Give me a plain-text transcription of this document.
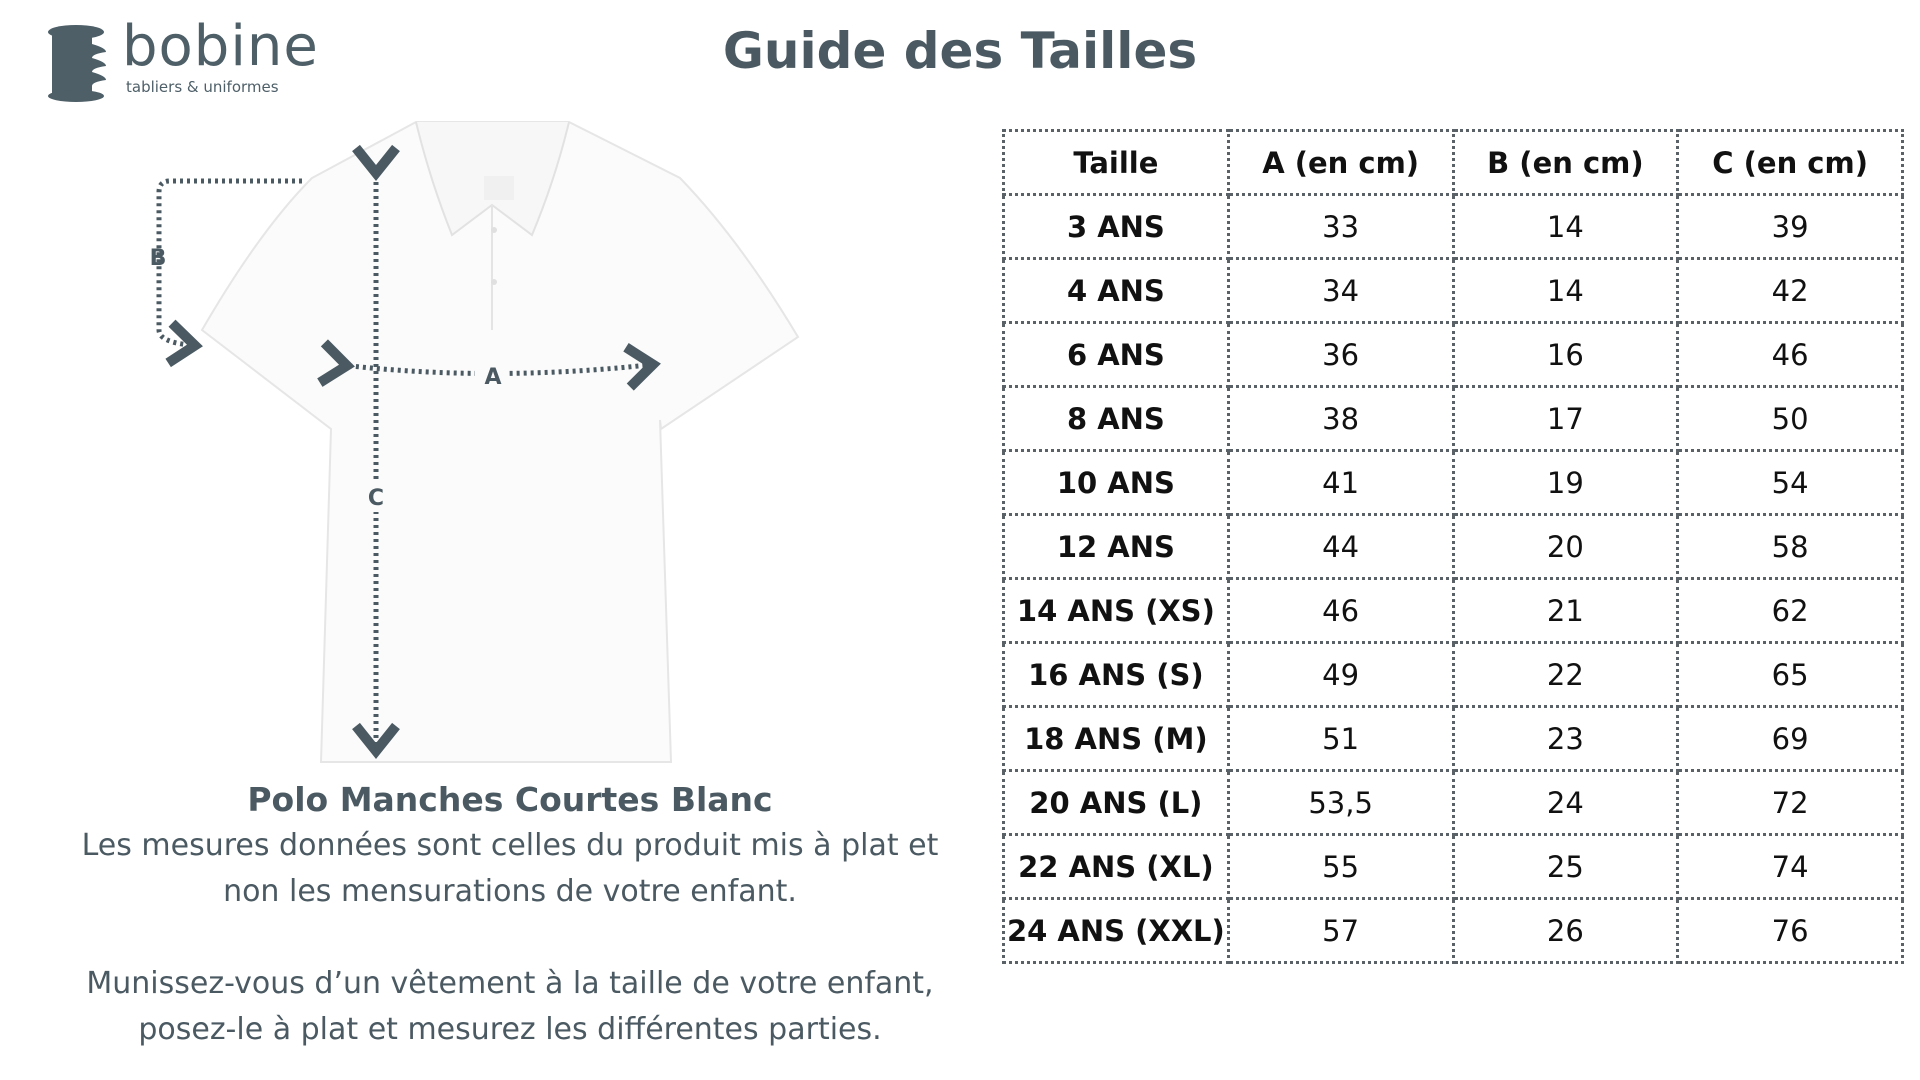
bobine
tabliers & uniformes
Guide des Tailles
B
A
C
Polo Manches Courtes Blanc
Les mesures données sont celles du produit mis à plat et
non les mensurations de votre enfant.
Munissez-vous d’un vêtement à la taille de votre enfant,
posez-le à plat et mesurez les différentes parties.
Taille	A (en cm)	B (en cm)	C (en cm)
3 ANS	33	14	39
4 ANS	34	14	42
6 ANS	36	16	46
8 ANS	38	17	50
10 ANS	41	19	54
12 ANS	44	20	58
14 ANS (XS)	46	21	62
16 ANS (S)	49	22	65
18 ANS (M)	51	23	69
20 ANS (L)	53,5	24	72
22 ANS (XL)	55	25	74
24 ANS (XXL)	57	26	76
